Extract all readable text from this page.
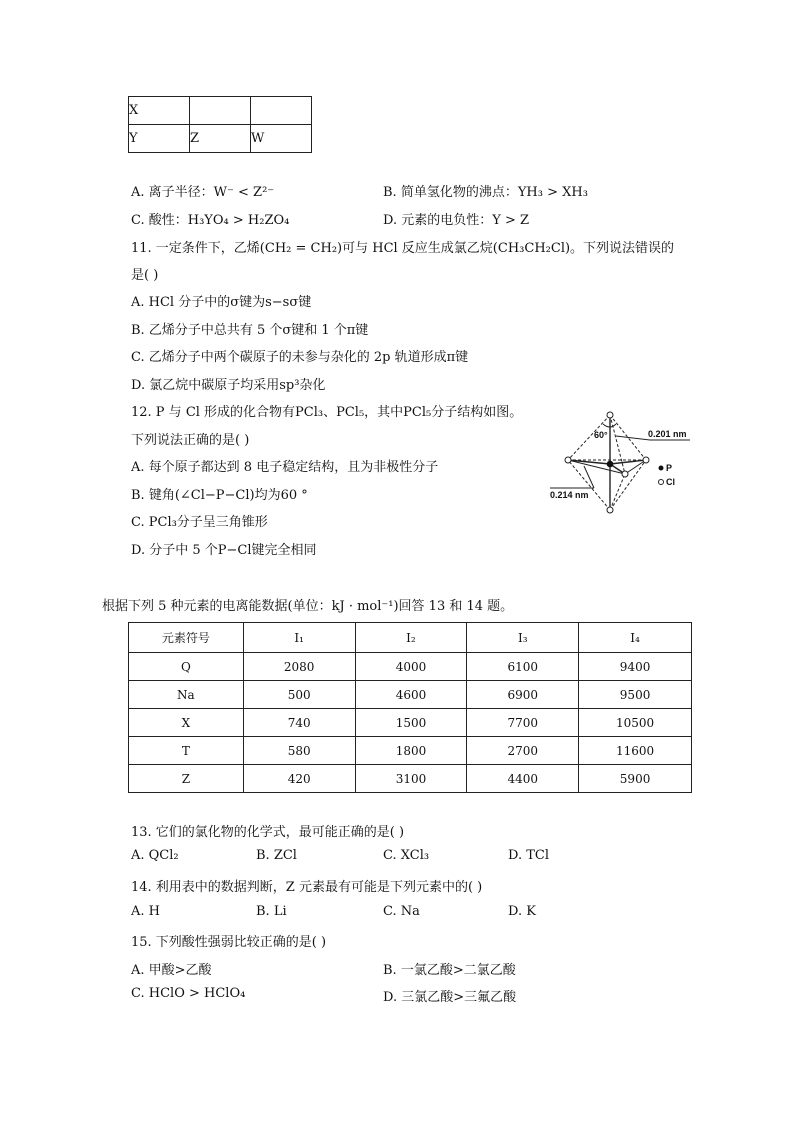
X		
Y	Z	W
A. 离子半径：W⁻ < Z²⁻	B. 简单氢化物的沸点：YH₃ > XH₃
C. 酸性：H₃YO₄ > H₂ZO₄	D. 元素的电负性：Y > Z
11. 一定条件下，乙烯(CH₂ = CH₂)可与 HCl 反应生成氯乙烷(CH₃CH₂Cl)。下列说法错误的
是( )
A. HCl 分子中的σ键为s−sσ键
B. 乙烯分子中总共有 5 个σ键和 1 个π键
C. 乙烯分子中两个碳原子的未参与杂化的 2p 轨道形成π键
D. 氯乙烷中碳原子均采用sp³杂化
12. P 与 Cl 形成的化合物有PCl₃、PCl₅，其中PCl₅分子结构如图。
下列说法正确的是( )
A. 每个原子都达到 8 电子稳定结构，且为非极性分子
B. 键角(∠Cl−P−Cl)均为60 °
C. PCl₃分子呈三角锥形
D. 分子中 5 个P−Cl键完全相同
60°	0.201 nm
0.214 nm
P
Cl
根据下列 5 种元素的电离能数据(单位：kJ · mol⁻¹)回答 13 和 14 题。
元素符号	I₁	I₂	I₃	I₄
Q	2080	4000	6100	9400
Na	500	4600	6900	9500
X	740	1500	7700	10500
T	580	1800	2700	11600
Z	420	3100	4400	5900
13. 它们的氯化物的化学式，最可能正确的是( )
A. QCl₂	B. ZCl	C. XCl₃	D. TCl
14. 利用表中的数据判断，Z 元素最有可能是下列元素中的( )
A. H	B. Li	C. Na	D. K
15. 下列酸性强弱比较正确的是( )
A. 甲酸>乙酸	B. 一氯乙酸>二氯乙酸
C. HClO > HClO₄	D. 三氯乙酸>三氟乙酸
